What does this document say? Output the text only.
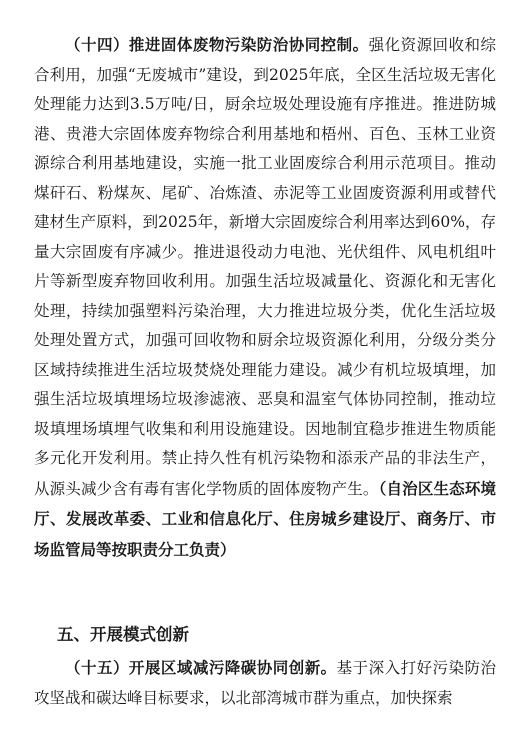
（十四）推进固体废物污染防治协同控制。强化资源回收和综合利用，加强“无废城市”建设，到2025年底，全区生活垃圾无害化处理能力达到3.5万吨/日，厨余垃圾处理设施有序推进。推进防城港、贵港大宗固体废弃物综合利用基地和梧州、百色、玉林工业资源综合利用基地建设，实施一批工业固废综合利用示范项目。推动煤矸石、粉煤灰、尾矿、冶炼渣、赤泥等工业固废资源利用或替代建材生产原料，到2025年，新增大宗固废综合利用率达到60%，存量大宗固废有序减少。推进退役动力电池、光伏组件、风电机组叶片等新型废弃物回收利用。加强生活垃圾减量化、资源化和无害化处理，持续加强塑料污染治理，大力推进垃圾分类，优化生活垃圾处理处置方式，加强可回收物和厨余垃圾资源化利用，分级分类分区域持续推进生活垃圾焚烧处理能力建设。减少有机垃圾填埋，加强生活垃圾填埋场垃圾渗滤液、恶臭和温室气体协同控制，推动垃圾填埋场填埋气收集和利用设施建设。因地制宜稳步推进生物质能多元化开发利用。禁止持久性有机污染物和添汞产品的非法生产，从源头减少含有毒有害化学物质的固体废物产生。（自治区生态环境厅、发展改革委、工业和信息化厅、住房城乡建设厅、商务厅、市场监管局等按职责分工负责）
五、开展模式创新
（十五）开展区域减污降碳协同创新。基于深入打好污染防治攻坚战和碳达峰目标要求，以北部湾城市群为重点，加快探索
